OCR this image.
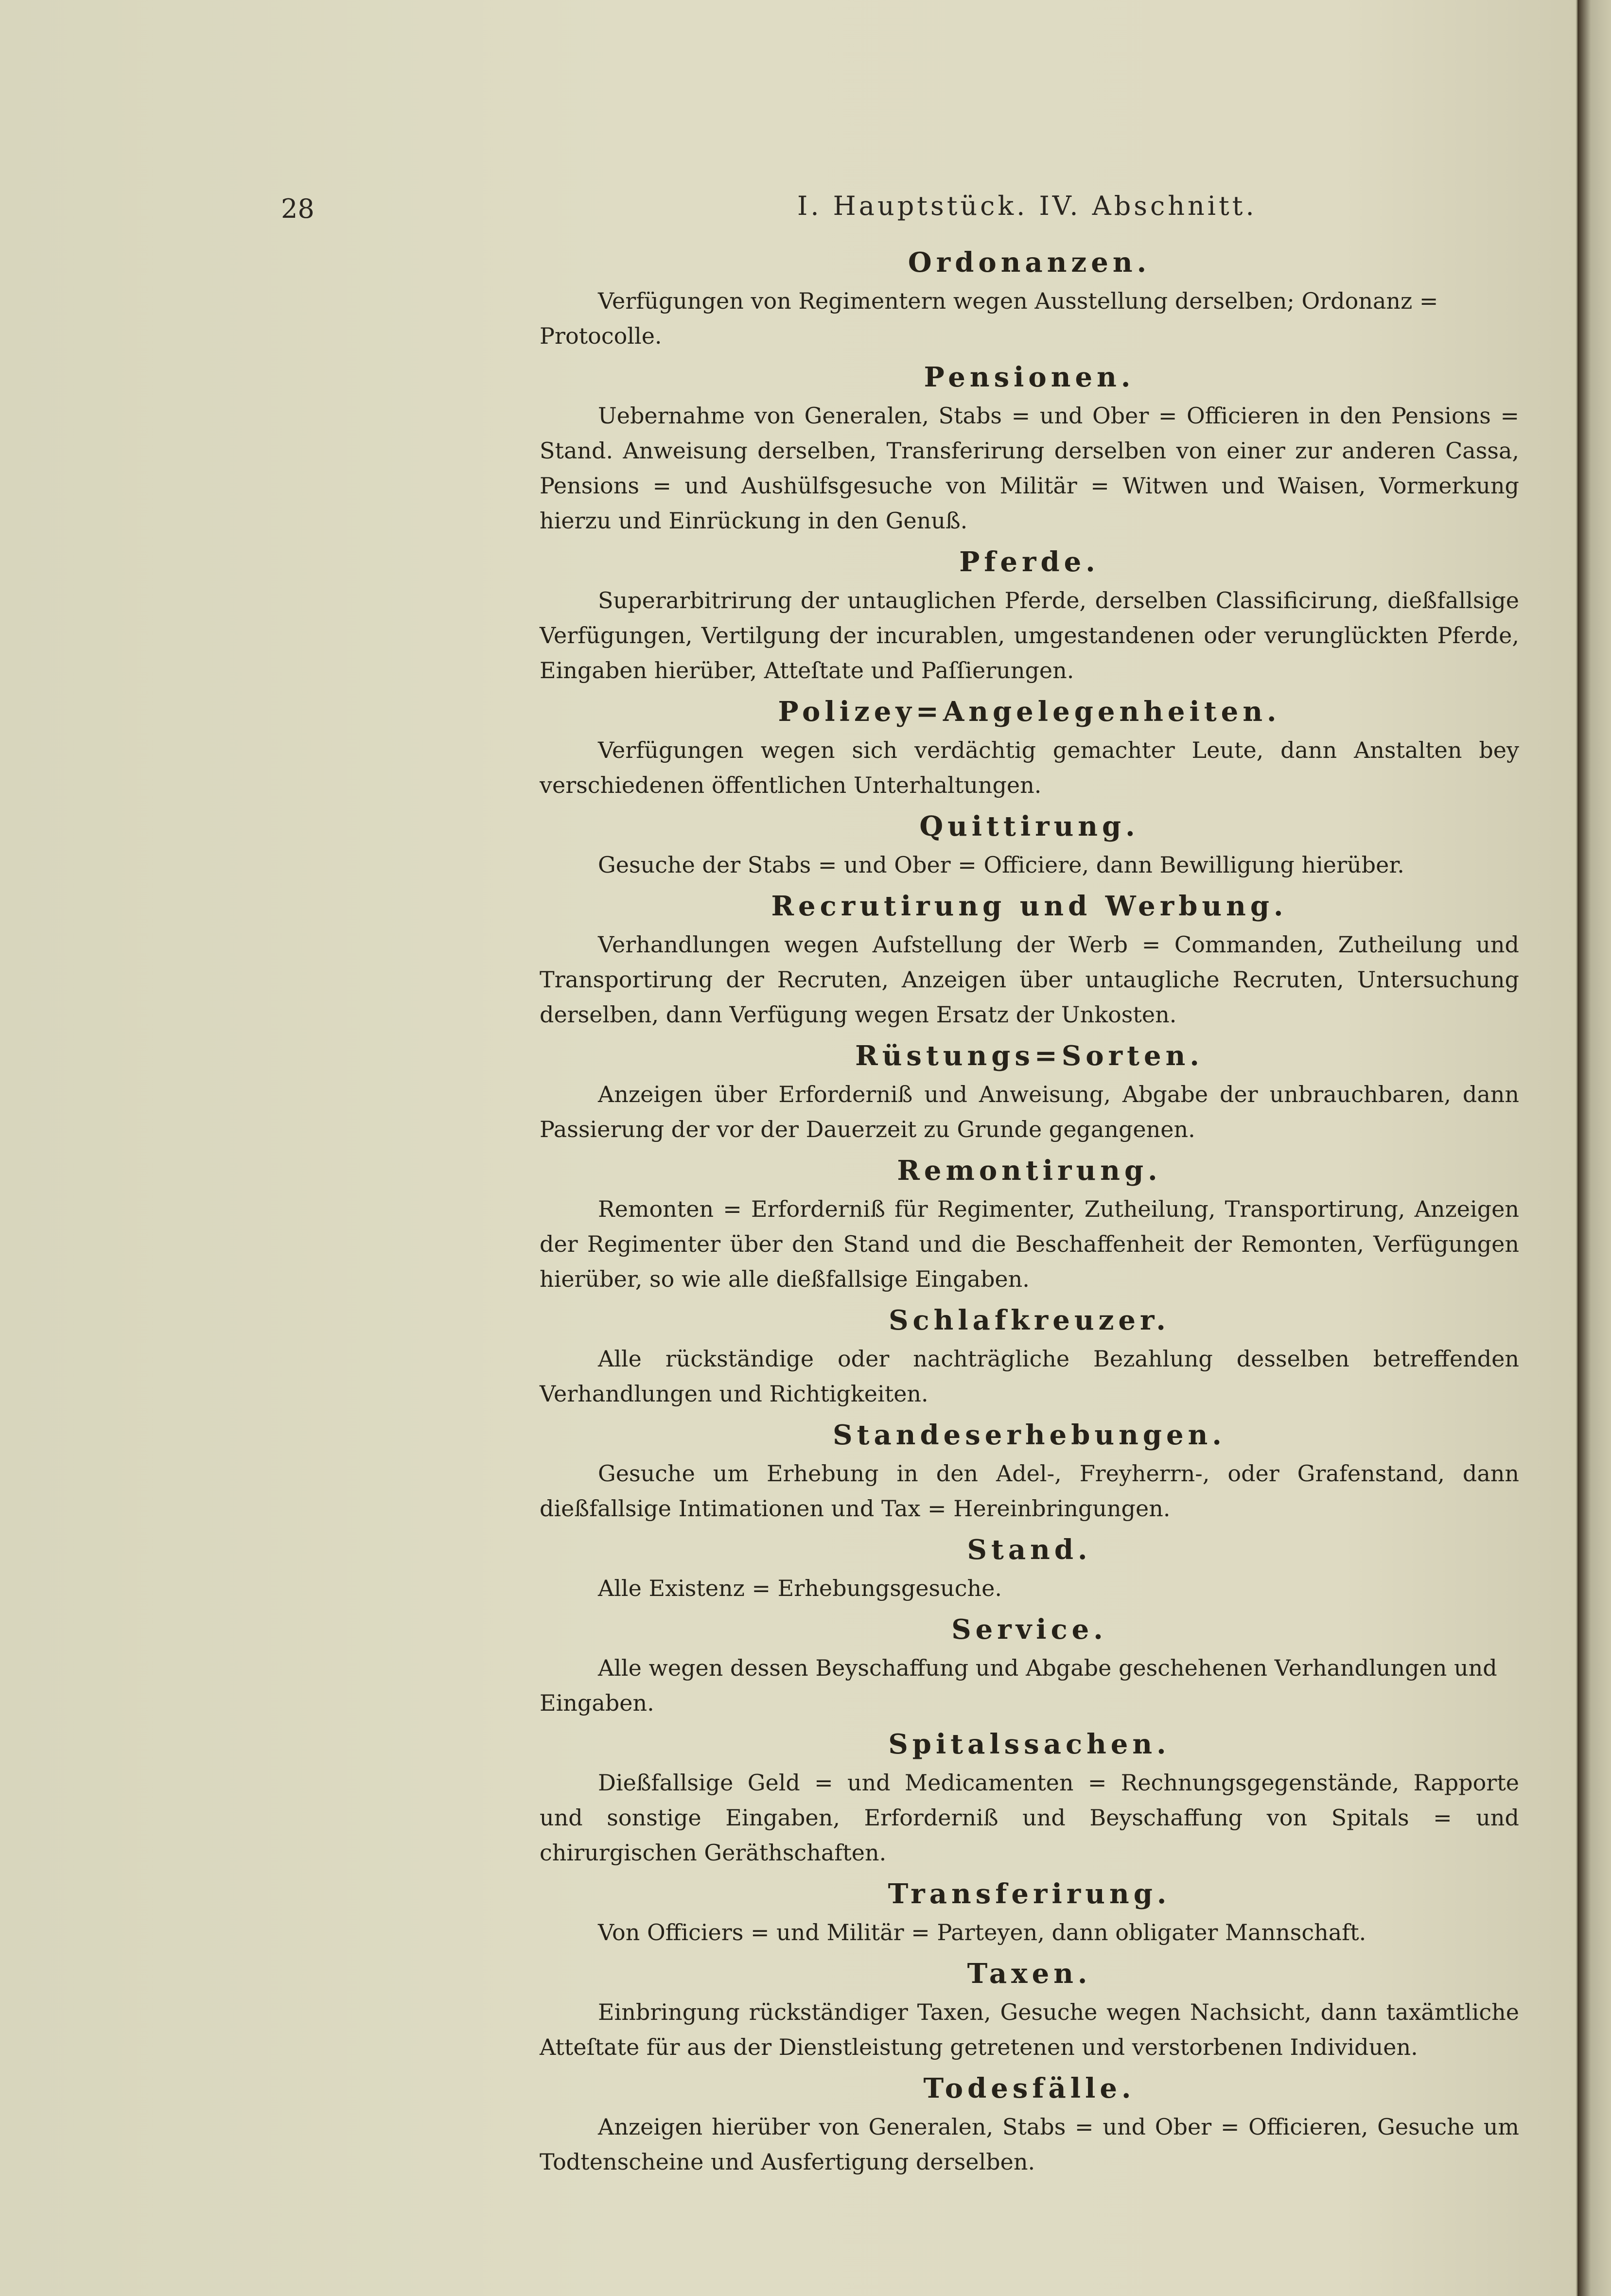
28	I. Hauptstück. IV. Abschnitt.
Ordonanzen.
Verfügungen von Regimentern wegen Ausstellung derselben; Ordonanz = Protocolle.
Pensionen.
Uebernahme von Generalen, Stabs = und Ober = Officieren in den Pensions = Stand. Anweisung derselben, Transferirung derselben von einer zur anderen Cassa, Pensions = und Aushülfsgesuche von Militär = Witwen und Waisen, Vormerkung hierzu und Einrückung in den Genuß.
Pferde.
Superarbitrirung der untauglichen Pferde, derselben Classificirung, dießfallsige Verfügungen, Vertilgung der incurablen, umgestandenen oder verunglückten Pferde, Eingaben hierüber, Atteſtate und Paſſierungen.
Polizey=Angelegenheiten.
Verfügungen wegen sich verdächtig gemachter Leute, dann Anstalten bey verschiedenen öffentlichen Unterhaltungen.
Quittirung.
Gesuche der Stabs = und Ober = Officiere, dann Bewilligung hierüber.
Recrutirung und Werbung.
Verhandlungen wegen Aufstellung der Werb = Commanden, Zutheilung und Transportirung der Recruten, Anzeigen über untaugliche Recruten, Untersuchung derselben, dann Verfügung wegen Ersatz der Unkosten.
Rüstungs=Sorten.
Anzeigen über Erforderniß und Anweisung, Abgabe der unbrauchbaren, dann Passierung der vor der Dauerzeit zu Grunde gegangenen.
Remontirung.
Remonten = Erforderniß für Regimenter, Zutheilung, Transportirung, Anzeigen der Regimenter über den Stand und die Beschaffenheit der Remonten, Verfügungen hierüber, so wie alle dießfallsige Eingaben.
Schlafkreuzer.
Alle rückständige oder nachträgliche Bezahlung desselben betreffenden Verhandlungen und Richtigkeiten.
Standeserhebungen.
Gesuche um Erhebung in den Adel-, Freyherrn-, oder Grafenstand, dann dießfallsige Intimationen und Tax = Hereinbringungen.
Stand.
Alle Existenz = Erhebungsgesuche.
Service.
Alle wegen dessen Beyschaffung und Abgabe geschehenen Verhandlungen und Eingaben.
Spitalssachen.
Dießfallsige Geld = und Medicamenten = Rechnungsgegenstände, Rapporte und sonstige Eingaben, Erforderniß und Beyschaffung von Spitals = und chirurgischen Geräthschaften.
Transferirung.
Von Officiers = und Militär = Parteyen, dann obligater Mannschaft.
Taxen.
Einbringung rückständiger Taxen, Gesuche wegen Nachsicht, dann taxämtliche Atteſtate für aus der Dienstleistung getretenen und verstorbenen Individuen.
Todesfälle.
Anzeigen hierüber von Generalen, Stabs = und Ober = Officieren, Gesuche um Todtenscheine und Ausfertigung derselben.
